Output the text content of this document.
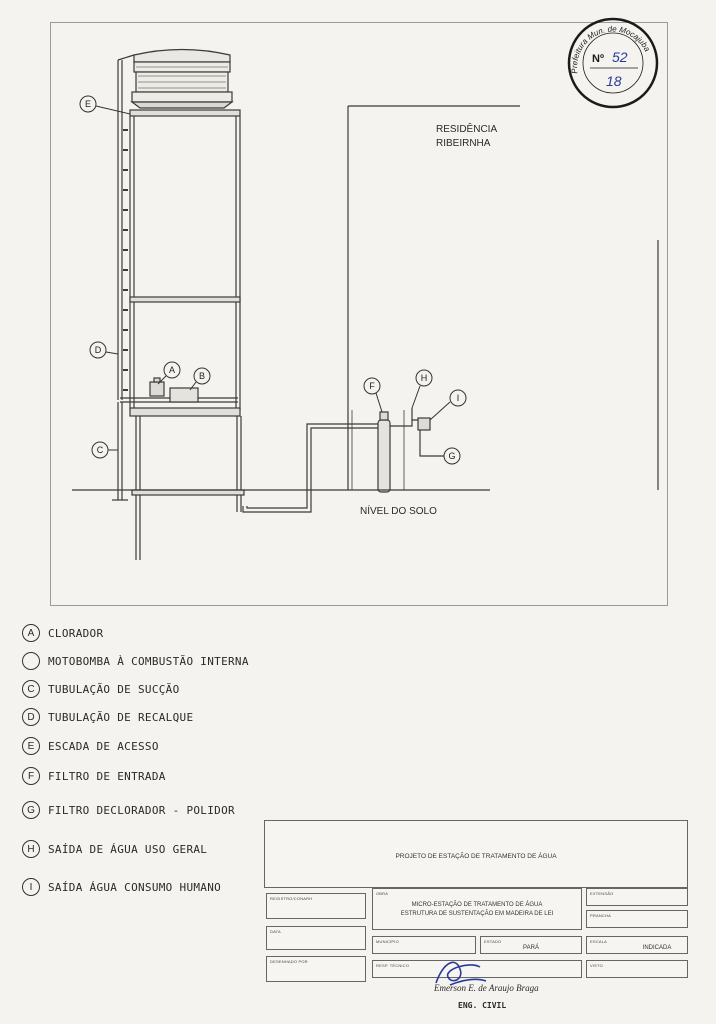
E
D
C
A
B
F
H
I
G
RESIDÊNCIA
RIBEIRNHA
NÍVEL DO SOLO
Prefeitura Mun. de Mocajuba
Nº 52
18
A	CLORADOR
MOTOBOMBA À COMBUSTÃO INTERNA
C	TUBULAÇÃO DE SUCÇÃO
D	TUBULAÇÃO DE RECALQUE
E	ESCADA DE ACESSO
F	FILTRO DE ENTRADA
G	FILTRO DECLORADOR - POLIDOR
H	SAÍDA DE ÁGUA USO GERAL
I	SAÍDA ÁGUA CONSUMO HUMANO
PROJETO DE ESTAÇÃO DE TRATAMENTO DE ÁGUA
REGISTRO/CONARH
DATA
DESENHADO POR
OBRA
MICRO-ESTAÇÃO DE TRATAMENTO DE ÁGUA
ESTRUTURA DE SUSTENTAÇÃO EM MADEIRA DE LEI
MUNICÍPIO	ESTADO
PARÁ
RESP. TÉCNICO
EXTENSÃO
PRANCHA
ESCALA
INDICADA
VISTO
Emerson E. de Araujo Braga
ENG. CIVIL
